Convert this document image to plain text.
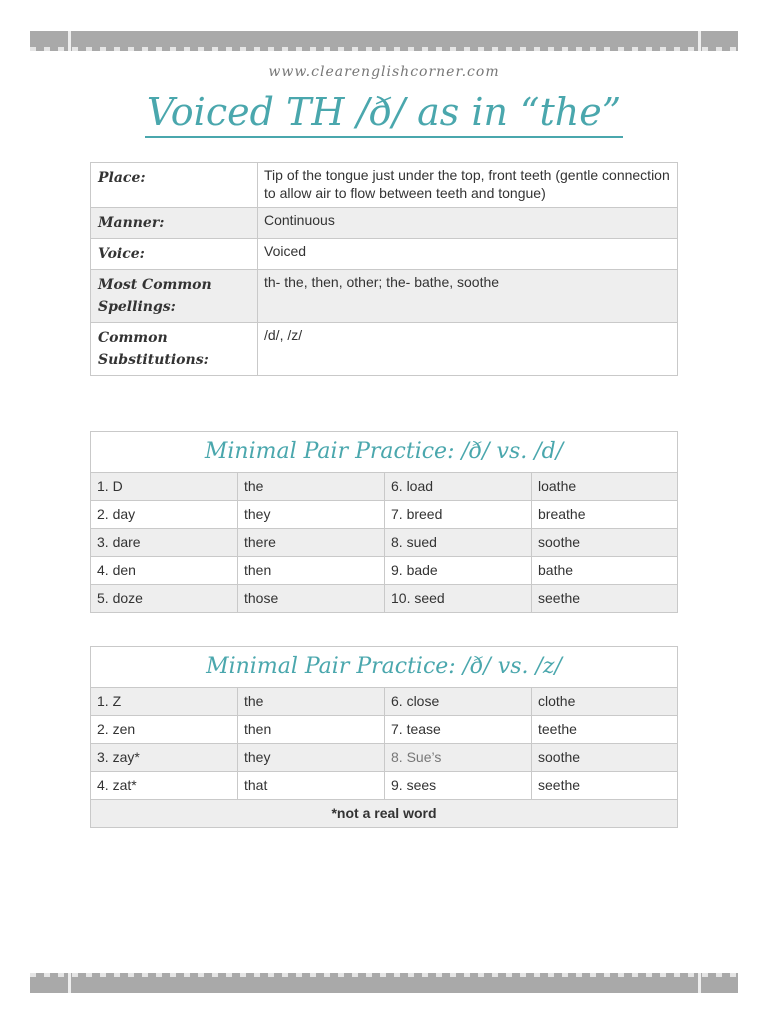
www.clearenglishcorner.com
Voiced TH /ð/ as in “the”
Place:	Tip of the tongue just under the top, front teeth (gentle connection to allow air to flow between teeth and tongue)
Manner:	Continuous
Voice:	Voiced
Most Common Spellings:	th- the, then, other; the- bathe, soothe
Common Substitutions:	/d/, /z/
Minimal Pair Practice: /ð/ vs. /d/			
1. D	the	6. load	loathe
2. day	they	7. breed	breathe
3. dare	there	8. sued	soothe
4. den	then	9. bade	bathe
5. doze	those	10. seed	seethe
Minimal Pair Practice: /ð/ vs. /z/			
1. Z	the	6. close	clothe
2. zen	then	7. tease	teethe
3. zay*	they	8. Sue’s	soothe
4. zat*	that	9. sees	seethe
*not a real word			
